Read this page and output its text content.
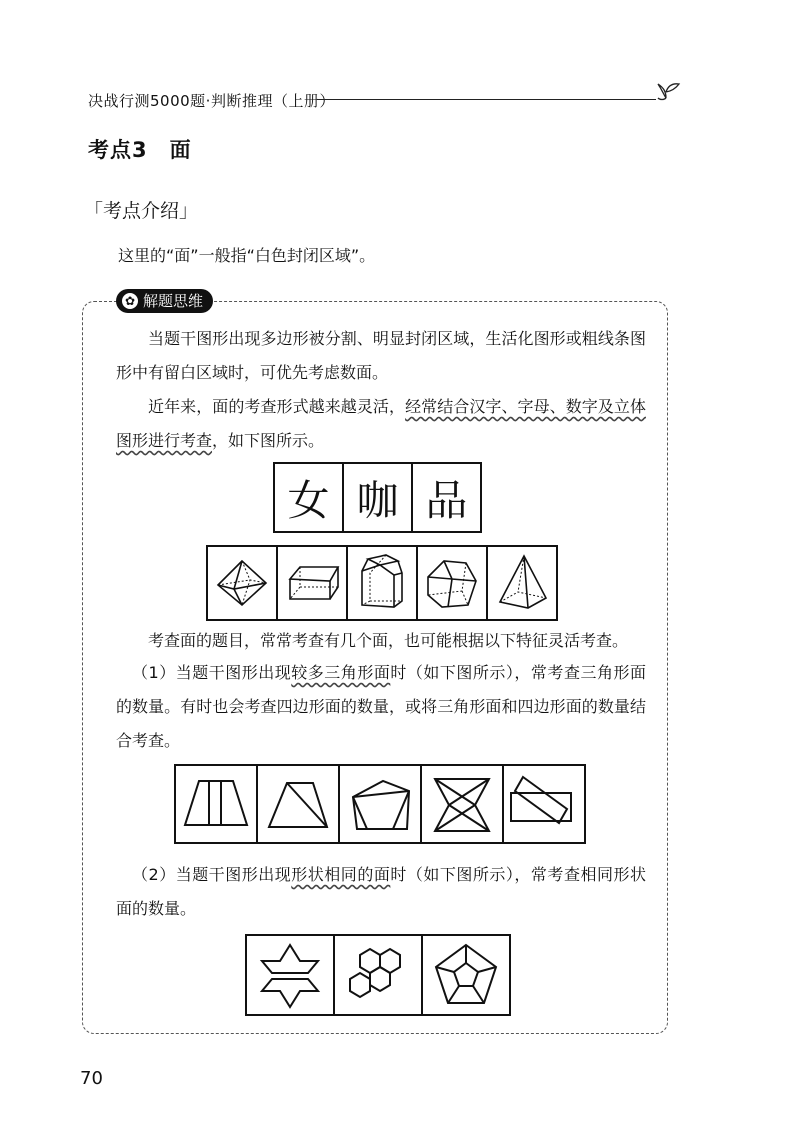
决战行测5000题·判断推理（上册）
考点3　面
「考点介绍」
这里的“面”一般指“白色封闭区域”。
✿ 解题思维
当题干图形出现多边形被分割、明显封闭区域，生活化图形或粗线条图形中有留白区域时，可优先考虑数面。
近年来，面的考查形式越来越灵活，经常结合汉字、字母、数字及立体图形进行考查，如下图所示。
女 咖 品
考查面的题目，常常考查有几个面，也可能根据以下特征灵活考查。
（1）当题干图形出现较多三角形面时（如下图所示），常考查三角形面的数量。有时也会考查四边形面的数量，或将三角形面和四边形面的数量结合考查。
（2）当题干图形出现形状相同的面时（如下图所示），常考查相同形状面的数量。
70
